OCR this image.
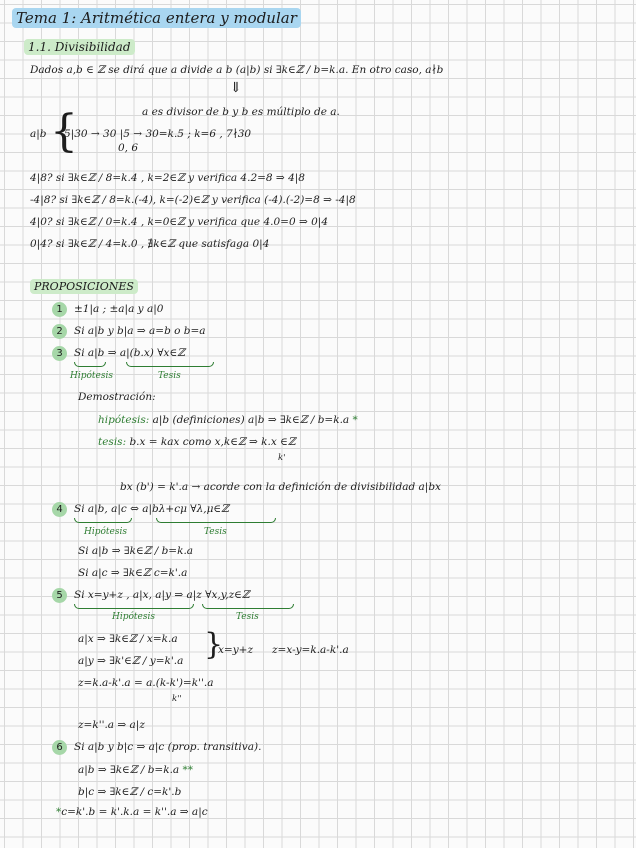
Tema 1: Aritmética entera y modular
1.1. Divisibilidad
Dados a,b ∈ ℤ se dirá que a divide a b (a|b) si ∃k∈ℤ / b=k.a. En otro caso, a∤b
⇓
a es divisor de b y b es múltiplo de a.
a|b {
5|30 → 30 |5 → 30=k.5 ; k=6 , 7∤30
0, 6
4|8? si ∃k∈ℤ / 8=k.4 , k=2∈ℤ y verifica 4.2=8 ⇒ 4|8
-4|8? si ∃k∈ℤ / 8=k.(-4), k=(-2)∈ℤ y verifica (-4).(-2)=8 ⇒ -4|8
4|0? si ∃k∈ℤ / 0=k.4 , k=0∈ℤ y verifica que 4.0=0 ⇒ 0|4
0|4? si ∃k∈ℤ / 4=k.0 , ∄k∈ℤ que satisfaga 0|4
PROPOSICIONES
1	±1|a ; ±a|a y a|0
2	Si a|b y b|a ⇒ a=b o b=a
3	Si a|b ⇒ a|(b.x) ∀x∈ℤ
Hipótesis	Tesis
Demostración:
hipótesis: a|b (definiciones) a|b ⇒ ∃k∈ℤ / b=k.a *
tesis: b.x = kax como x,k∈ℤ ⇒ k.x ∈ℤ
k'
bx (b') = k'.a → acorde con la definición de divisibilidad a|bx
4	Si a|b, a|c ⇔ a|bλ+cμ ∀λ,μ∈ℤ
Hipótesis	Tesis
Si a|b ⇒ ∃k∈ℤ / b=k.a
Si a|c ⇒ ∃k∈ℤ c=k'.a
5	Si x=y+z , a|x, a|y ⇒ a|z ∀x,y,z∈ℤ
Hipótesis	Tesis
a|x ⇒ ∃k∈ℤ / x=k.a
a|y ⇒ ∃k'∈ℤ / y=k'.a }
x=y+z z=x-y=k.a-k'.a
z=k.a-k'.a = a.(k-k')=k''.a
k''
z=k''.a ⇒ a|z
6	Si a|b y b|c ⇒ a|c (prop. transitiva).
a|b ⇒ ∃k∈ℤ / b=k.a **
b|c ⇒ ∃k∈ℤ / c=k'.b
*c=k'.b = k'.k.a = k''.a ⇒ a|c
